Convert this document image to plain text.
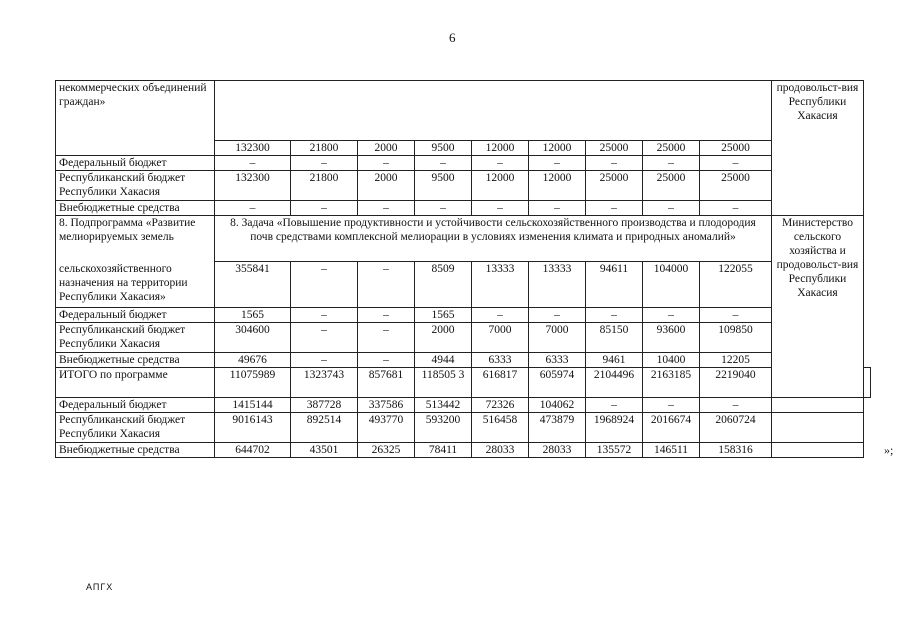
6
некоммерческих объединений граждан»										продовольст-вия Республики Хакасия	
	132300	21800	2000	9500	12000	12000	25000	25000	25000		
Федеральный бюджет	–	–	–	–	–	–	–	–	–		
Республиканский бюджет Республики Хакасия	132300	21800	2000	9500	12000	12000	25000	25000	25000		
Внебюджетные средства	–	–	–	–	–	–	–	–	–		
8. Подпрограмма «Развитие мелиорируемых земель	8. Задача «Повышение продуктивности и устойчивости сельскохозяйственного производства и плодородия почв средствами комплексной мелиорации в условиях изменения климата и природных аномалий»									Министерство сельского хозяйства и продовольст-вия Республики Хакасия	
сельскохозяйственного назначения на территории Республики Хакасия»	355841	–	–	8509	13333	13333	94611	104000	122055		
Федеральный бюджет	1565	–	–	1565	–	–	–	–	–		
Республиканский бюджет Республики Хакасия	304600	–	–	2000	7000	7000	85150	93600	109850		
Внебюджетные средства	49676	–	–	4944	6333	6333	9461	10400	12205		
ИТОГО по программе	11075989	1323743	857681	118505 3	616817	605974	2104496	2163185	2219040		
Федеральный бюджет	1415144	387728	337586	513442	72326	104062	–	–	–		
Республиканский бюджет Республики Хакасия	9016143	892514	493770	593200	516458	473879	1968924	2016674	2060724		
Внебюджетные средства	644702	43501	26325	78411	28033	28033	135572	146511	158316			»;
АПГХ
